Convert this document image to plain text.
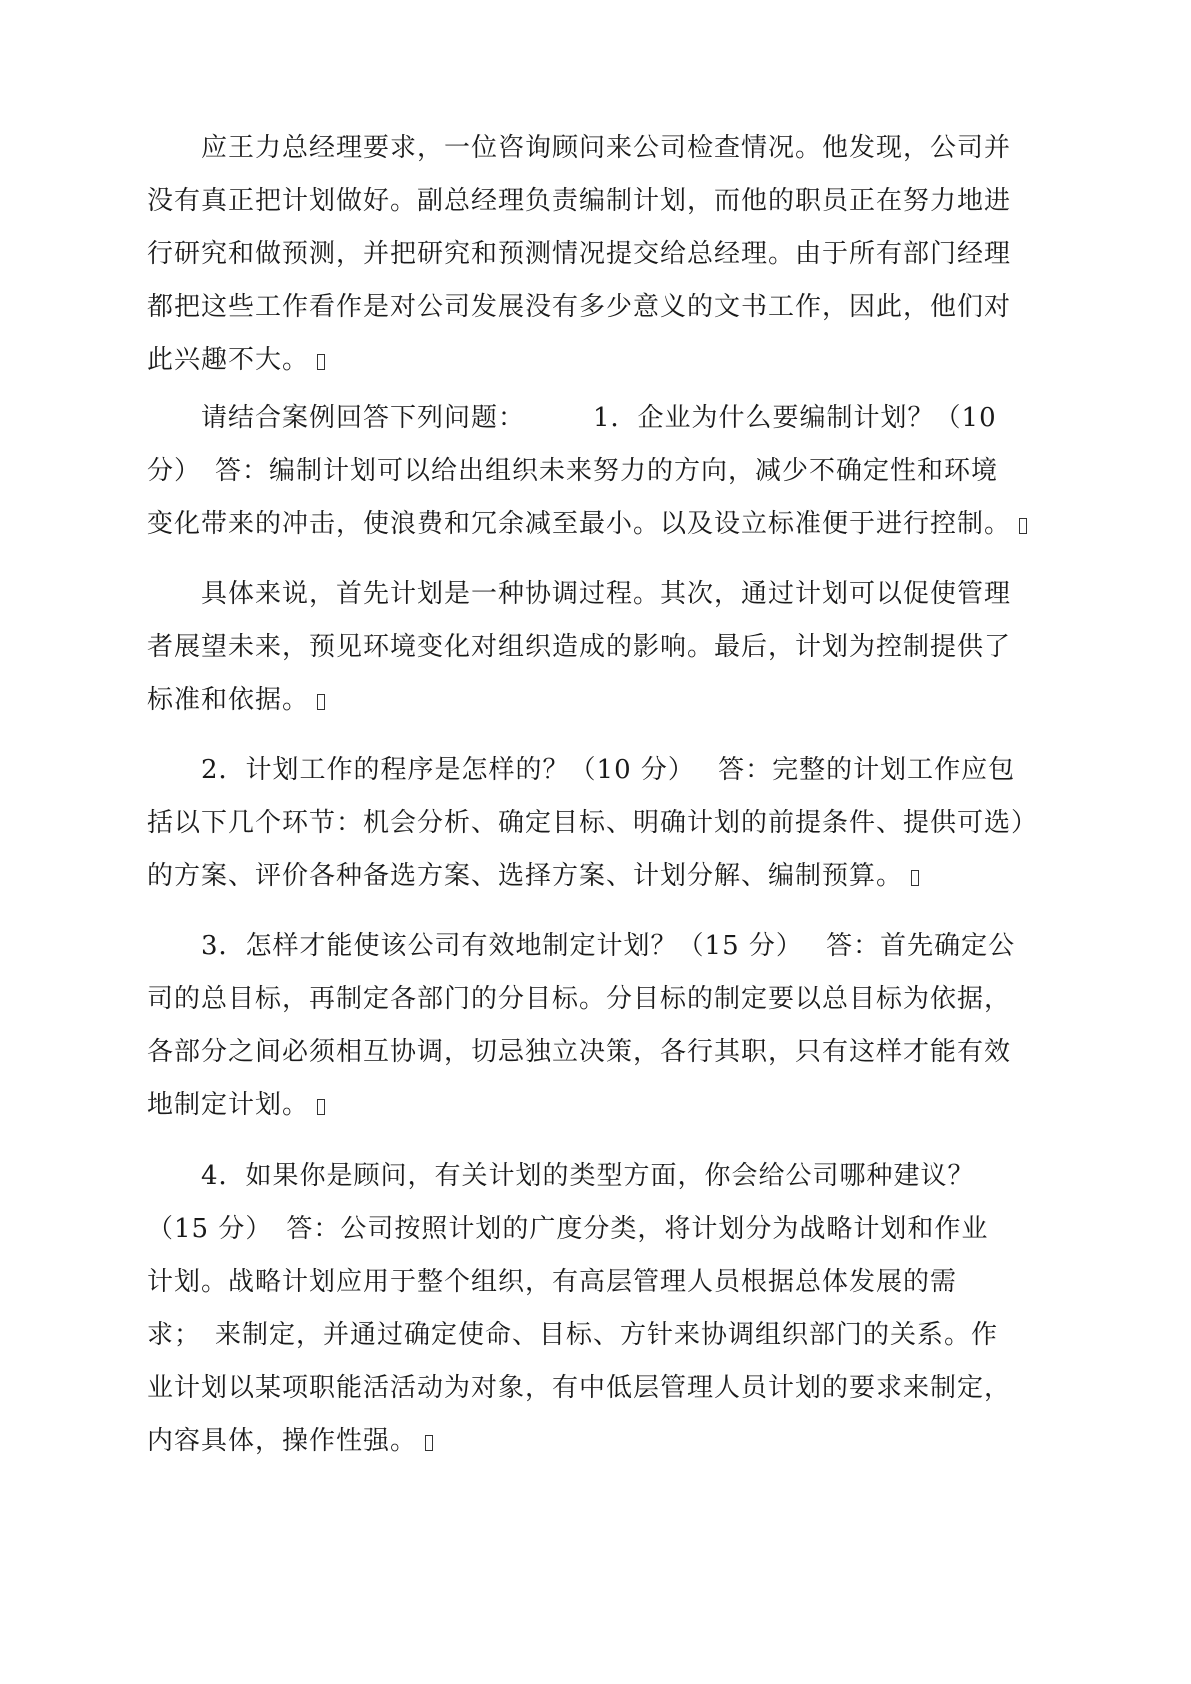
　　应王力总经理要求，一位咨询顾问来公司检查情况。他发现，公司并
没有真正把计划做好。副总经理负责编制计划，而他的职员正在努力地进
行研究和做预测，并把研究和预测情况提交给总经理。由于所有部门经理
都把这些工作看作是对公司发展没有多少意义的文书工作，因此，他们对
此兴趣不大。
　　请结合案例回答下列问题：　　　1．企业为什么要编制计划？（10
分）　答：编制计划可以给出组织未来努力的方向，减少不确定性和环境
变化带来的冲击，使浪费和冗余减至最小。以及设立标准便于进行控制。
　　具体来说，首先计划是一种协调过程。其次，通过计划可以促使管理
者展望未来，预见环境变化对组织造成的影响。最后，计划为控制提供了
标准和依据。
　　2．计划工作的程序是怎样的？（10 分）　 答：完整的计划工作应包
括以下几个环节：机会分析、确定目标、明确计划的前提条件、提供可选）
的方案、评价各种备选方案、选择方案、计划分解、编制预算。
　　3．怎样才能使该公司有效地制定计划？（15 分）　 答：首先确定公
司的总目标，再制定各部门的分目标。分目标的制定要以总目标为依据，
各部分之间必须相互协调，切忌独立决策，各行其职，只有这样才能有效
地制定计划。
　　4．如果你是顾问，有关计划的类型方面，你会给公司哪种建议？
（15 分）　答：公司按照计划的广度分类，将计划分为战略计划和作业
计划。战略计划应用于整个组织，有高层管理人员根据总体发展的需
求；　来制定，并通过确定使命、目标、方针来协调组织部门的关系。作
业计划以某项职能活活动为对象，有中低层管理人员计划的要求来制定，
内容具体，操作性强。
